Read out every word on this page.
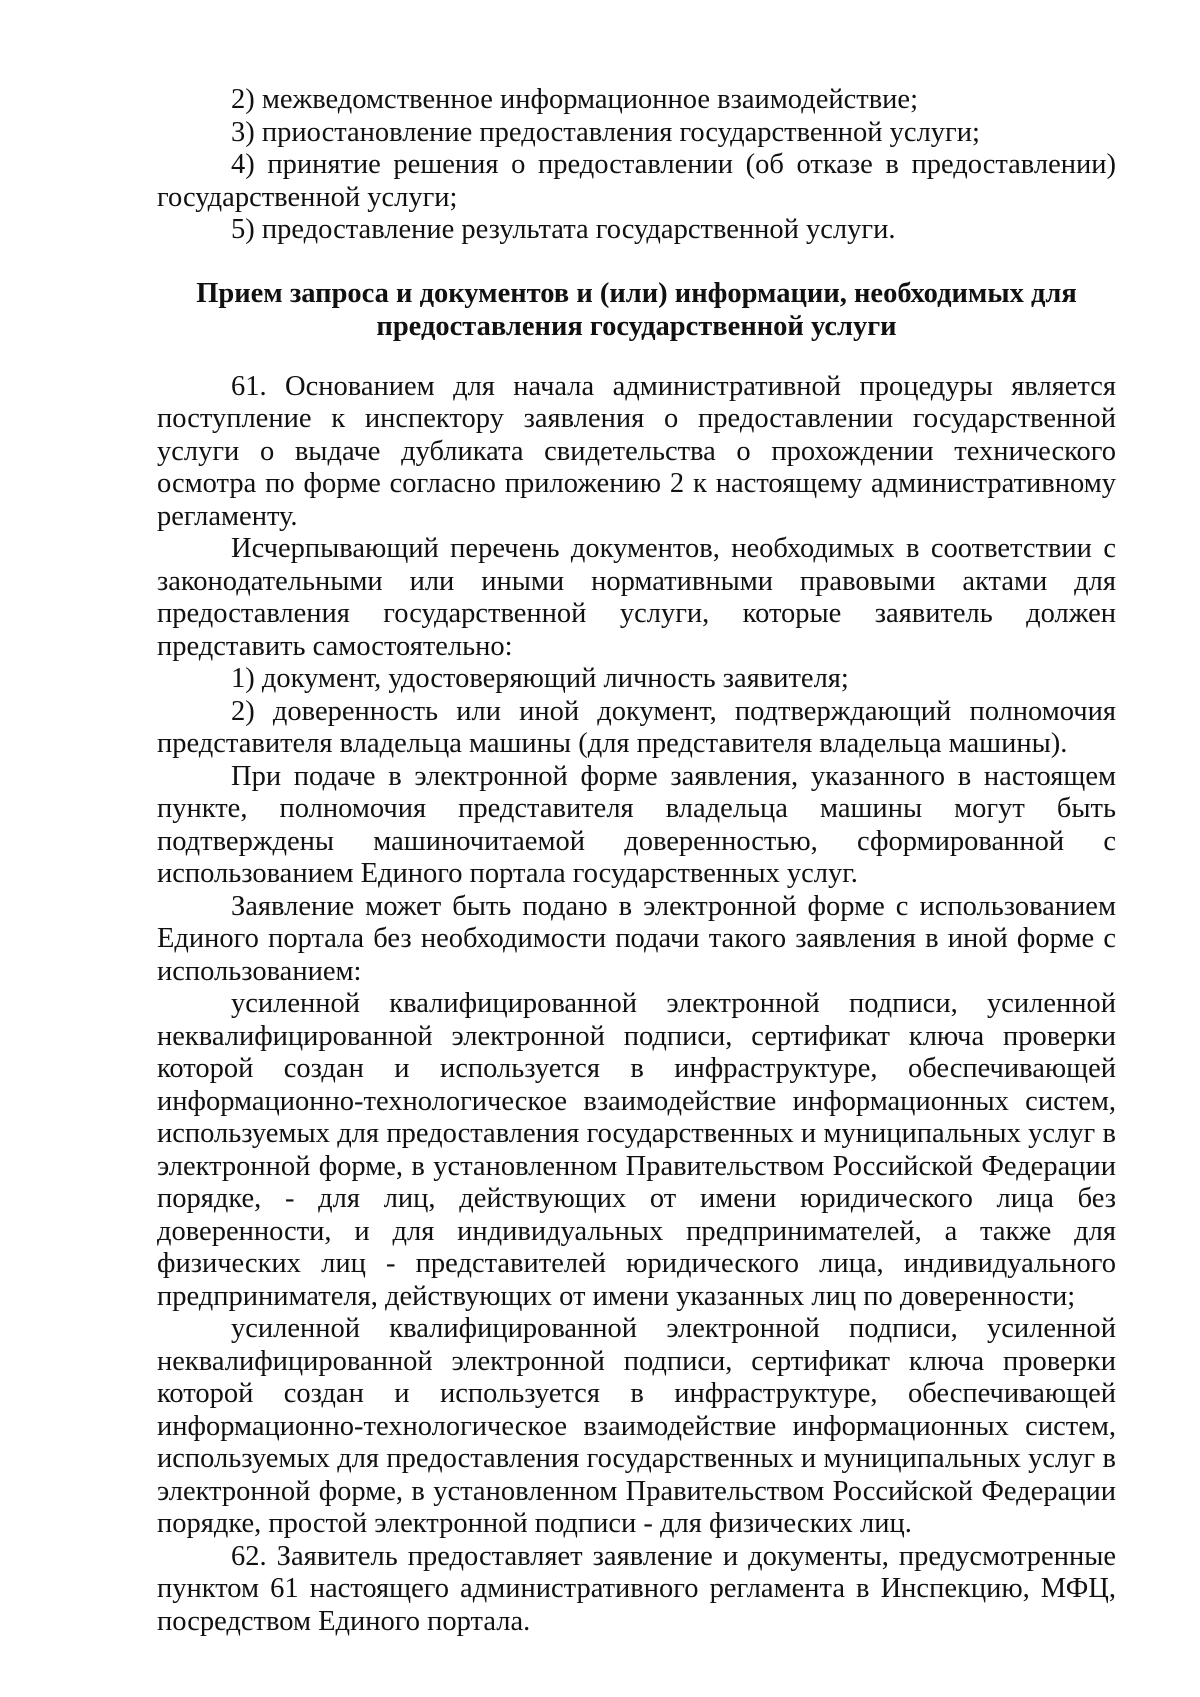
2) межведомственное информационное взаимодействие;

3) приостановление предоставления государственной услуги;

4) принятие решения о предоставлении (об отказе в предоставлении) государственной услуги;

5) предоставление результата государственной услуги.

Прием запроса и документов и (или) информации, необходимых для предоставления государственной услуги

61. Основанием для начала административной процедуры является поступление к инспектору заявления о предоставлении государственной услуги о выдаче дубликата свидетельства о прохождении технического осмотра по форме согласно приложению 2 к настоящему административному регламенту.

Исчерпывающий перечень документов, необходимых в соответствии с законодательными или иными нормативными правовыми актами для предоставления государственной услуги, которые заявитель должен представить самостоятельно:

1) документ, удостоверяющий личность заявителя;

2) доверенность или иной документ, подтверждающий полномочия представителя владельца машины (для представителя владельца машины).

При подаче в электронной форме заявления, указанного в настоящем пункте, полномочия представителя владельца машины могут быть подтверждены машиночитаемой доверенностью, сформированной с использованием Единого портала государственных услуг.

Заявление может быть подано в электронной форме с использованием Единого портала без необходимости подачи такого заявления в иной форме с использованием:

усиленной квалифицированной электронной подписи, усиленной неквалифицированной электронной подписи, сертификат ключа проверки которой создан и используется в инфраструктуре, обеспечивающей информационно-технологическое взаимодействие информационных систем, используемых для предоставления государственных и муниципальных услуг в электронной форме, в установленном Правительством Российской Федерации порядке, - для лиц, действующих от имени юридического лица без доверенности, и для индивидуальных предпринимателей, а также для физических лиц - представителей юридического лица, индивидуального предпринимателя, действующих от имени указанных лиц по доверенности;

усиленной квалифицированной электронной подписи, усиленной неквалифицированной электронной подписи, сертификат ключа проверки которой создан и используется в инфраструктуре, обеспечивающей информационно-технологическое взаимодействие информационных систем, используемых для предоставления государственных и муниципальных услуг в электронной форме, в установленном Правительством Российской Федерации порядке, простой электронной подписи - для физических лиц.

62. Заявитель предоставляет заявление и документы, предусмотренные пунктом 61 настоящего административного регламента в Инспекцию, МФЦ, посредством Единого портала.
